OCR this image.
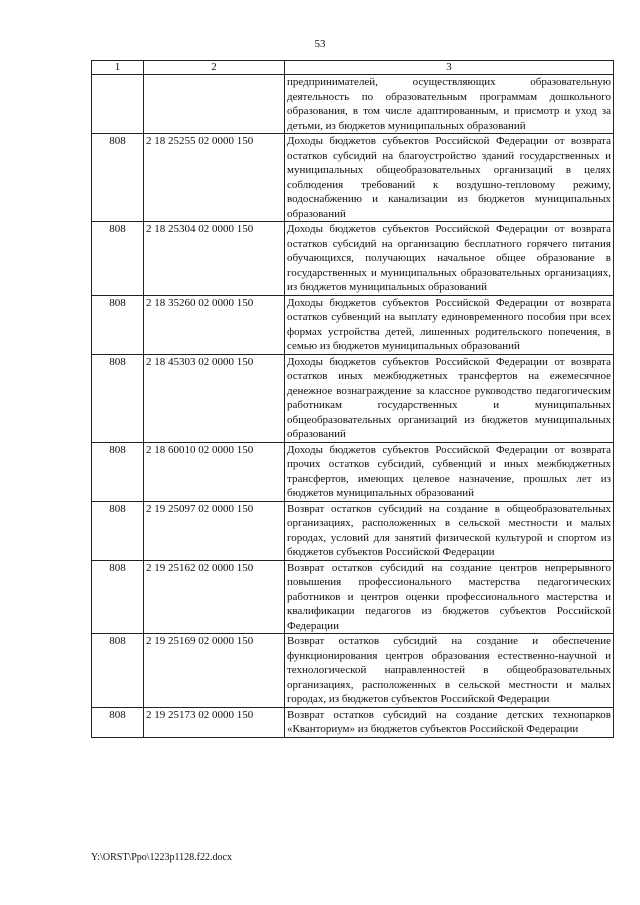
53
1	2	3
		предпринимателей, осуществляющих образовательную деятельность по образовательным программам дошкольного образования, в том числе адаптированным, и присмотр и уход за детьми, из бюджетов муниципальных образований
808	2 18 25255 02 0000 150	Доходы бюджетов субъектов Российской Федерации от возврата остатков субсидий на благоустройство зданий государственных и муниципальных общеобразовательных организаций в целях соблюдения требований к воздушно-тепловому режиму, водоснабжению и канализации из бюджетов муниципальных образований
808	2 18 25304 02 0000 150	Доходы бюджетов субъектов Российской Федерации от возврата остатков субсидий на организацию бесплатного горячего питания обучающихся, получающих начальное общее образование в государственных и муниципальных образовательных организациях, из бюджетов муниципальных образований
808	2 18 35260 02 0000 150	Доходы бюджетов субъектов Российской Федерации от возврата остатков субвенций на выплату единовременного пособия при всех формах устройства детей, лишенных родительского попечения, в семью из бюджетов муниципальных образований
808	2 18 45303 02 0000 150	Доходы бюджетов субъектов Российской Федерации от возврата остатков иных межбюджетных трансфертов на ежемесячное денежное вознаграждение за классное руководство педагогическим работникам государственных и муниципальных общеобразовательных организаций из бюджетов муниципальных образований
808	2 18 60010 02 0000 150	Доходы бюджетов субъектов Российской Федерации от возврата прочих остатков субсидий, субвенций и иных межбюджетных трансфертов, имеющих целевое назначение, прошлых лет из бюджетов муниципальных образований
808	2 19 25097 02 0000 150	Возврат остатков субсидий на создание в общеобразовательных организациях, расположенных в сельской местности и малых городах, условий для занятий физической культурой и спортом из бюджетов субъектов Российской Федерации
808	2 19 25162 02 0000 150	Возврат остатков субсидий на создание центров непрерывного повышения профессионального мастерства педагогических работников и центров оценки профессионального мастерства и квалификации педагогов из бюджетов субъектов Российской Федерации
808	2 19 25169 02 0000 150	Возврат остатков субсидий на создание и обеспечение функционирования центров образования естественно-научной и технологической направленностей в общеобразовательных организациях, расположенных в сельской местности и малых городах, из бюджетов субъектов Российской Федерации
808	2 19 25173 02 0000 150	Возврат остатков субсидий на создание детских технопарков «Кванториум» из бюджетов субъектов Российской Федерации
Y:\ORST\Ppo\1223p1128.f22.docx
